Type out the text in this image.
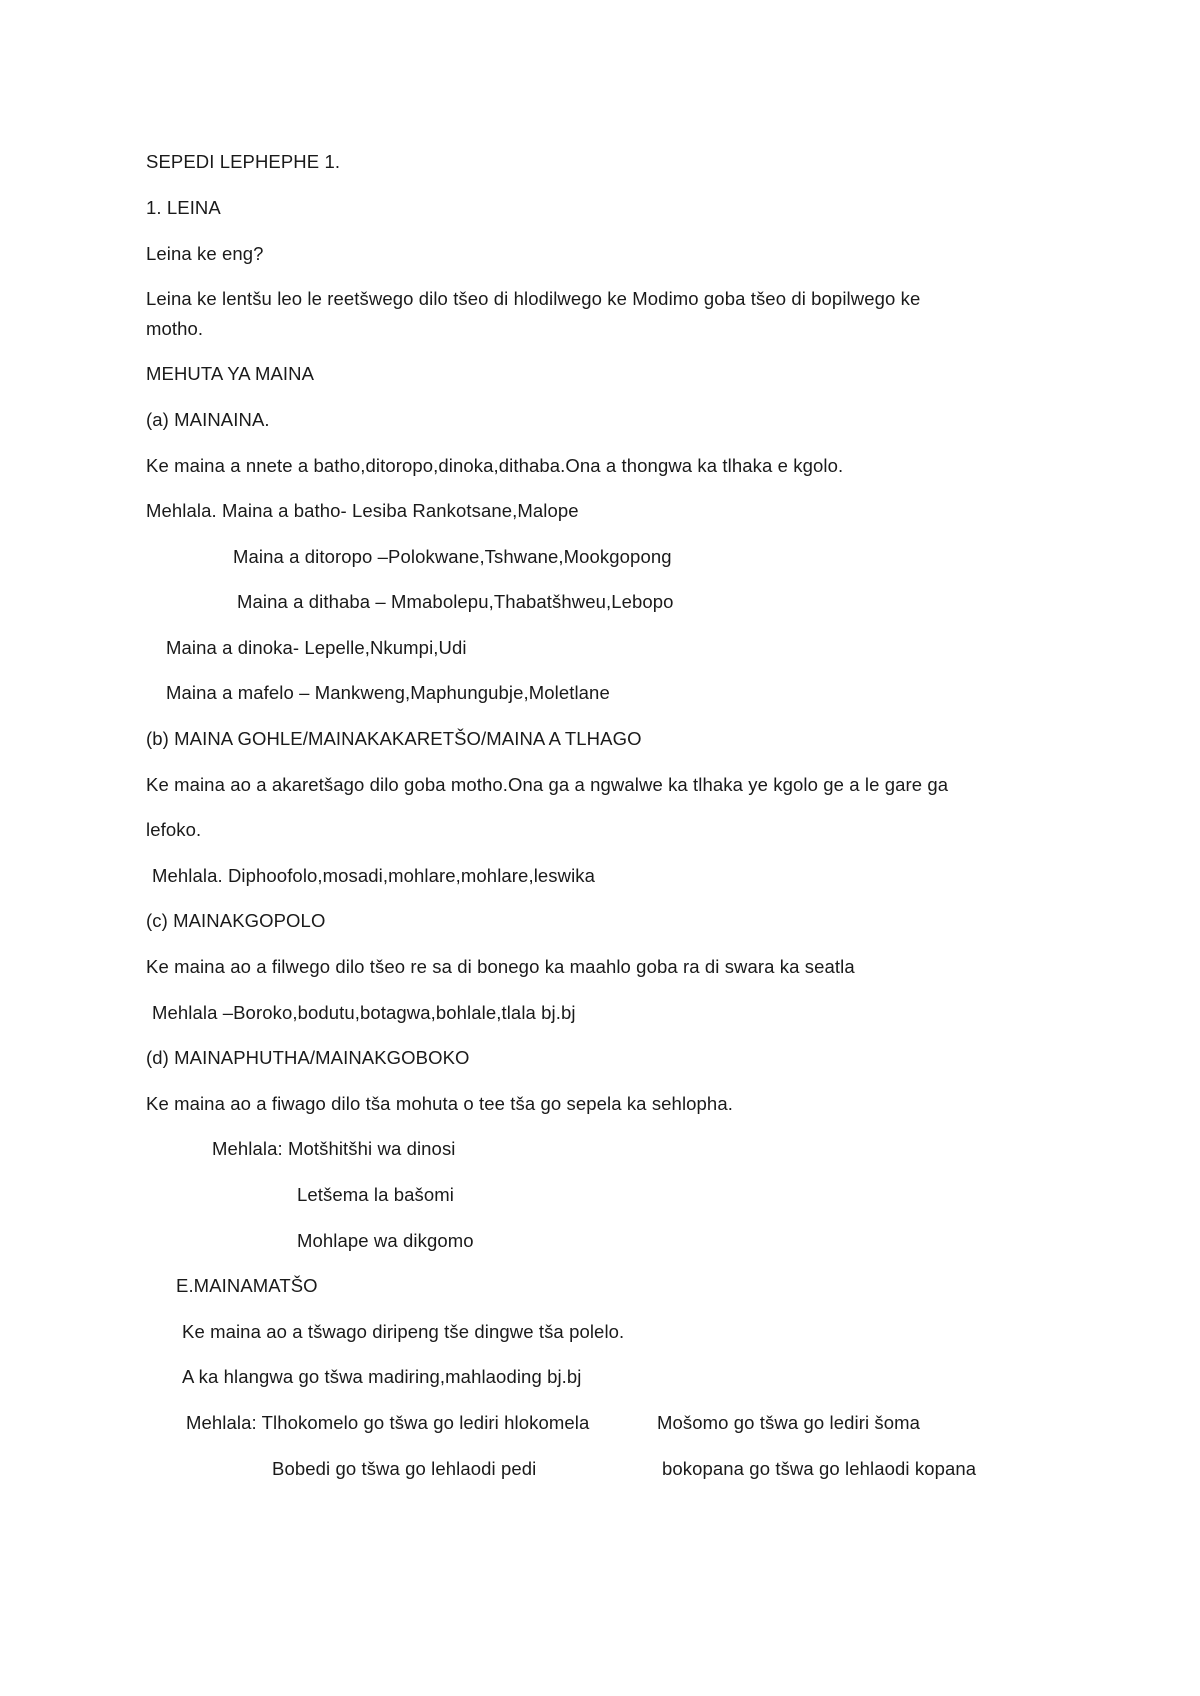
SEPEDI LEPHEPHE 1.
1. LEINA
Leina ke eng?
Leina ke lentšu leo le reetšwego dilo tšeo di hlodilwego ke Modimo goba tšeo di bopilwego ke
motho.
MEHUTA YA MAINA
(a) MAINAINA.
Ke maina a nnete a batho,ditoropo,dinoka,dithaba.Ona a thongwa ka tlhaka e kgolo.
Mehlala. Maina a batho- Lesiba Rankotsane,Malope
Maina a ditoropo –Polokwane,Tshwane,Mookgopong
Maina a dithaba – Mmabolepu,Thabatšhweu,Lebopo
Maina a dinoka- Lepelle,Nkumpi,Udi
Maina a mafelo – Mankweng,Maphungubje,Moletlane
(b) MAINA GOHLE/MAINAKAKARETŠO/MAINA A TLHAGO
Ke maina ao a akaretšago dilo goba motho.Ona ga a ngwalwe ka tlhaka ye kgolo ge a le gare ga
lefoko.
Mehlala. Diphoofolo,mosadi,mohlare,mohlare,leswika
(c) MAINAKGOPOLO
Ke maina ao a filwego dilo tšeo re sa di bonego ka maahlo goba ra di swara ka seatla
Mehlala –Boroko,bodutu,botagwa,bohlale,tlala bj.bj
(d) MAINAPHUTHA/MAINAKGOBOKO
Ke maina ao a fiwago dilo tša mohuta o tee tša go sepela ka sehlopha.
Mehlala: Motšhitšhi wa dinosi
Letšema la bašomi
Mohlape wa dikgomo
E.MAINAMATŠO
Ke maina ao a tšwago diripeng tše dingwe tša polelo.
A ka hlangwa go tšwa madiring,mahlaoding bj.bj
Mehlala: Tlhokomelo go tšwa go lediri hlokomela	Mošomo go tšwa go lediri šoma
Bobedi go tšwa go lehlaodi pedi	bokopana go tšwa go lehlaodi kopana
